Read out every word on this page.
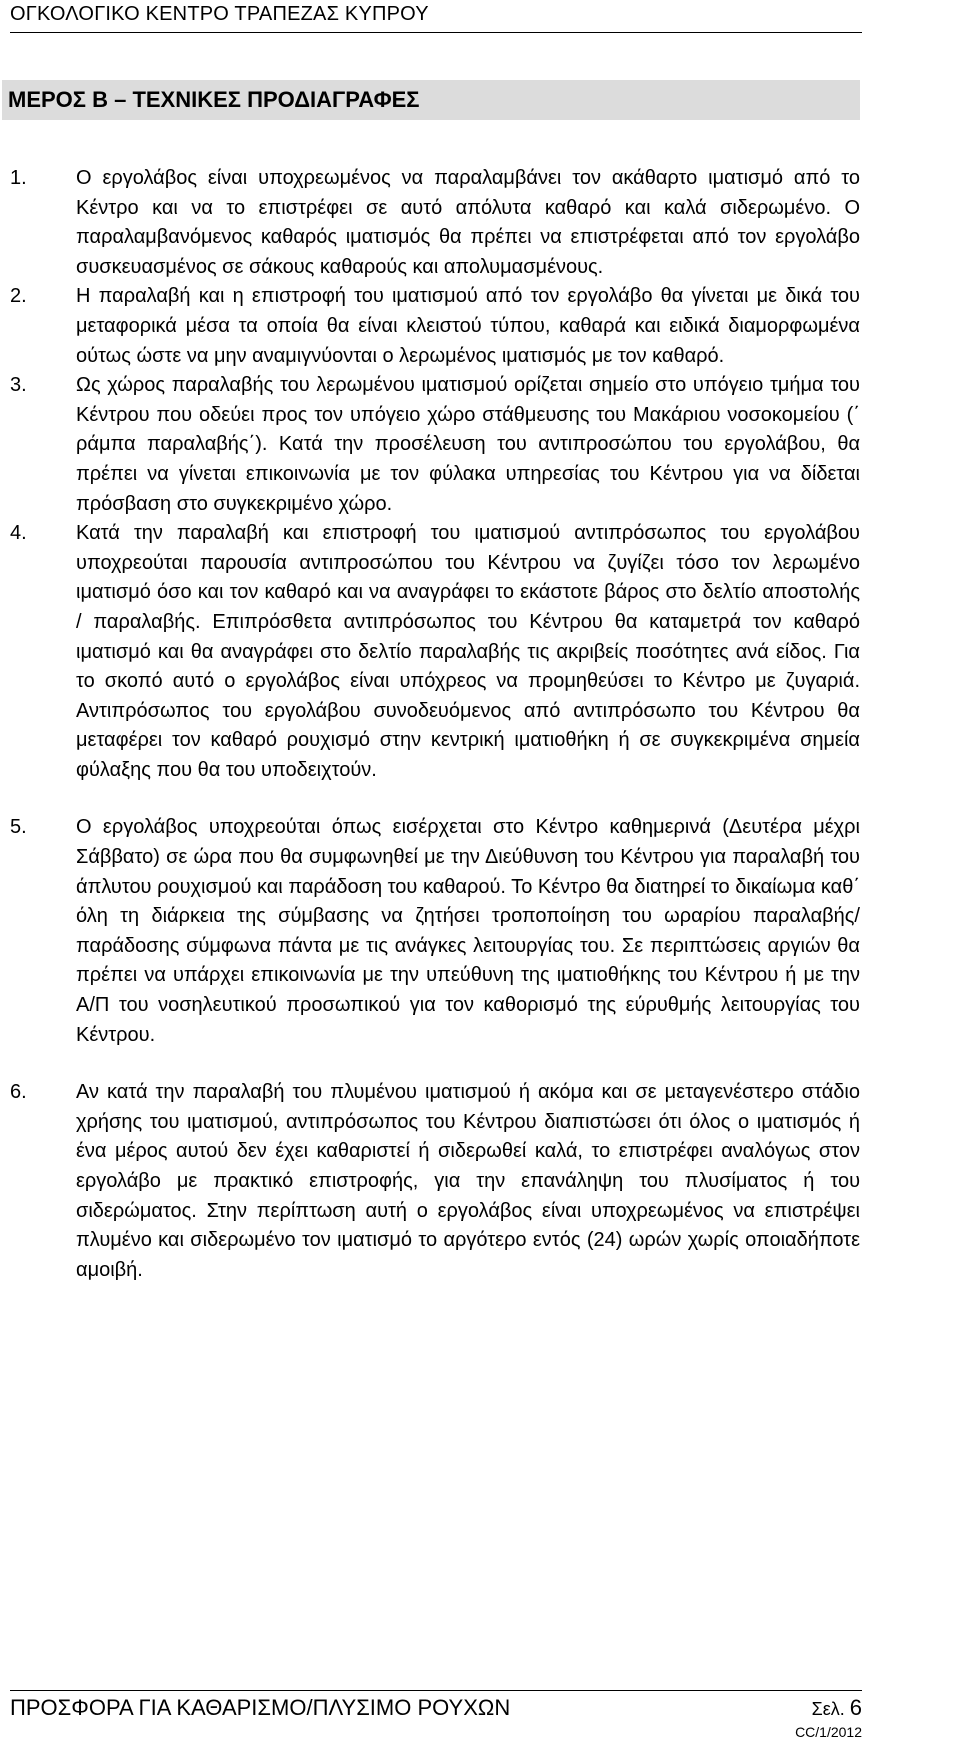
ΟΓΚΟΛΟΓΙΚΟ ΚΕΝΤΡΟ ΤΡΑΠΕΖΑΣ ΚΥΠΡΟΥ
ΜΕΡΟΣ Β – ΤΕΧΝΙΚΕΣ ΠΡΟΔΙΑΓΡΑΦΕΣ
1.	Ο εργολάβος είναι υποχρεωμένος να παραλαμβάνει τον ακάθαρτο ιματισμό από το Κέντρο και να το επιστρέφει σε αυτό απόλυτα καθαρό και καλά σιδερωμένο. Ο παραλαμβανόμενος καθαρός ιματισμός θα πρέπει να επιστρέφεται από τον εργολάβο συσκευασμένος σε σάκους καθαρούς και απολυμασμένους.
2.	Η παραλαβή και η επιστροφή του ιματισμού από τον εργολάβο θα γίνεται με δικά του μεταφορικά μέσα τα οποία θα είναι κλειστού τύπου, καθαρά και ειδικά διαμορφωμένα ούτως ώστε να μην αναμιγνύονται ο λερωμένος ιματισμός με τον καθαρό.
3.	Ως χώρος παραλαβής του λερωμένου ιματισμού ορίζεται σημείο στο υπόγειο τμήμα του Κέντρου που οδεύει προς τον υπόγειο χώρο στάθμευσης του Μακάριου νοσοκομείου (΄ ράμπα παραλαβής΄). Κατά την προσέλευση του αντιπροσώπου του εργολάβου, θα πρέπει να γίνεται επικοινωνία με τον φύλακα υπηρεσίας του Κέντρου για να δίδεται πρόσβαση στο συγκεκριμένο χώρο.
4.	Κατά την παραλαβή και επιστροφή του ιματισμού αντιπρόσωπος του εργολάβου υποχρεούται παρουσία αντιπροσώπου του Κέντρου να ζυγίζει τόσο τον λερωμένο ιματισμό όσο και τον καθαρό και να αναγράφει το εκάστοτε βάρος στο δελτίο αποστολής / παραλαβής. Επιπρόσθετα αντιπρόσωπος του Κέντρου θα καταμετρά τον καθαρό ιματισμό και θα αναγράφει στο δελτίο παραλαβής τις ακριβείς ποσότητες ανά είδος. Για το σκοπό αυτό ο εργολάβος είναι υπόχρεος να προμηθεύσει το Κέντρο με ζυγαριά. Αντιπρόσωπος του εργολάβου συνοδευόμενος από αντιπρόσωπο του Κέντρου θα μεταφέρει τον καθαρό ρουχισμό στην κεντρική ιματιοθήκη ή σε συγκεκριμένα σημεία φύλαξης που θα του υποδειχτούν.
5.	Ο εργολάβος υποχρεούται όπως εισέρχεται στο Κέντρο καθημερινά (Δευτέρα μέχρι Σάββατο) σε ώρα που θα συμφωνηθεί με την Διεύθυνση του Κέντρου για παραλαβή του άπλυτου ρουχισμού και παράδοση του καθαρού. Το Κέντρο θα διατηρεί το δικαίωμα καθ΄ όλη τη διάρκεια της σύμβασης να ζητήσει τροποποίηση του ωραρίου παραλαβής/ παράδοσης σύμφωνα πάντα με τις ανάγκες λειτουργίας του. Σε περιπτώσεις αργιών θα πρέπει να υπάρχει επικοινωνία με την υπεύθυνη της ιματιοθήκης του Κέντρου ή με την Α/Π του νοσηλευτικού προσωπικού για τον καθορισμό της εύρυθμής λειτουργίας του Κέντρου.
6.	Αν κατά την παραλαβή του πλυμένου ιματισμού ή ακόμα και σε μεταγενέστερο στάδιο χρήσης του ιματισμού, αντιπρόσωπος του Κέντρου διαπιστώσει ότι όλος ο ιματισμός ή ένα μέρος αυτού δεν έχει καθαριστεί ή σιδερωθεί καλά, το επιστρέφει αναλόγως στον εργολάβο με πρακτικό επιστροφής, για την επανάληψη του πλυσίματος ή του σιδερώματος. Στην περίπτωση αυτή ο εργολάβος είναι υποχρεωμένος να επιστρέψει πλυμένο και σιδερωμένο τον ιματισμό το αργότερο εντός (24) ωρών χωρίς οποιαδήποτε αμοιβή.
ΠΡΟΣΦΟΡΑ ΓΙΑ ΚΑΘΑΡΙΣΜΟ/ΠΛΥΣΙΜΟ ΡΟΥΧΩΝ	Σελ. 6
CC/1/2012
